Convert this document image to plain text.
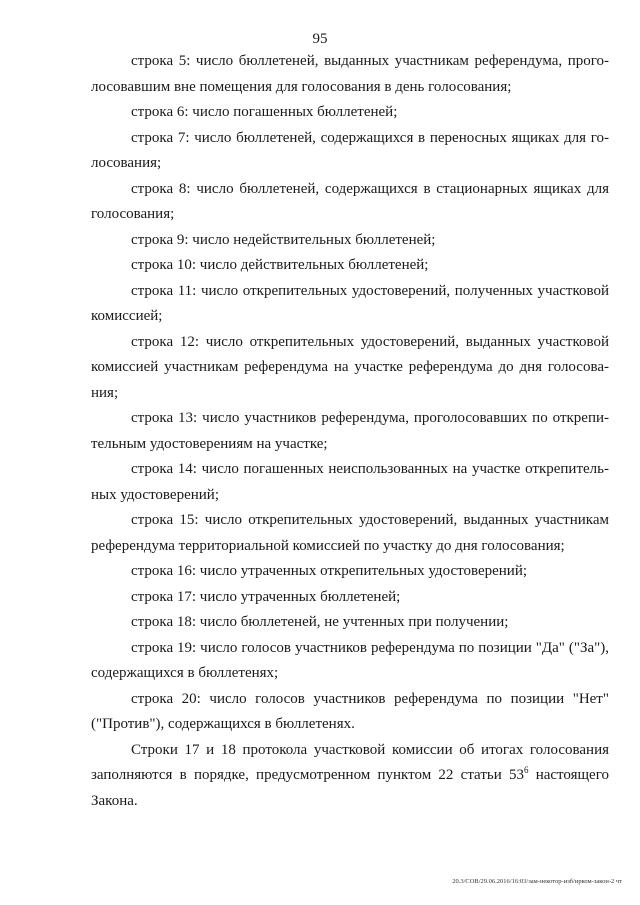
95

строка 5: число бюллетеней, выданных участникам референдума, прого-лосовавшим вне помещения для голосования в день голосования;

строка 6: число погашенных бюллетеней;

строка 7: число бюллетеней, содержащихся в переносных ящиках для го-лосования;

строка 8: число бюллетеней, содержащихся в стационарных ящиках для голосования;

строка 9: число недействительных бюллетеней;

строка 10: число действительных бюллетеней;

строка 11: число открепительных удостоверений, полученных участковой комиссией;

строка 12: число открепительных удостоверений, выданных участковой комиссией участникам референдума на участке референдума до дня голосова-ния;

строка 13: число участников референдума, проголосовавших по открепи-тельным удостоверениям на участке;

строка 14: число погашенных неиспользованных на участке открепитель-ных удостоверений;

строка 15: число открепительных удостоверений, выданных участникам референдума территориальной комиссией по участку до дня голосования;

строка 16: число утраченных открепительных удостоверений;

строка 17: число утраченных бюллетеней;

строка 18: число бюллетеней, не учтенных при получении;

строка 19: число голосов участников референдума по позиции "Да" ("За"), содержащихся в бюллетенях;

строка 20: число голосов участников референдума по позиции "Нет" ("Против"), содержащихся в бюллетенях.

Строки 17 и 18 протокола участковой комиссии об итогах голосования заполняются в порядке, предусмотренном пунктом 22 статьи $53^6$ настоящего Закона.

20.3/СОВ/29.06.2016/16:03/зам-некотор-изб/ирком-закон-2 чт
